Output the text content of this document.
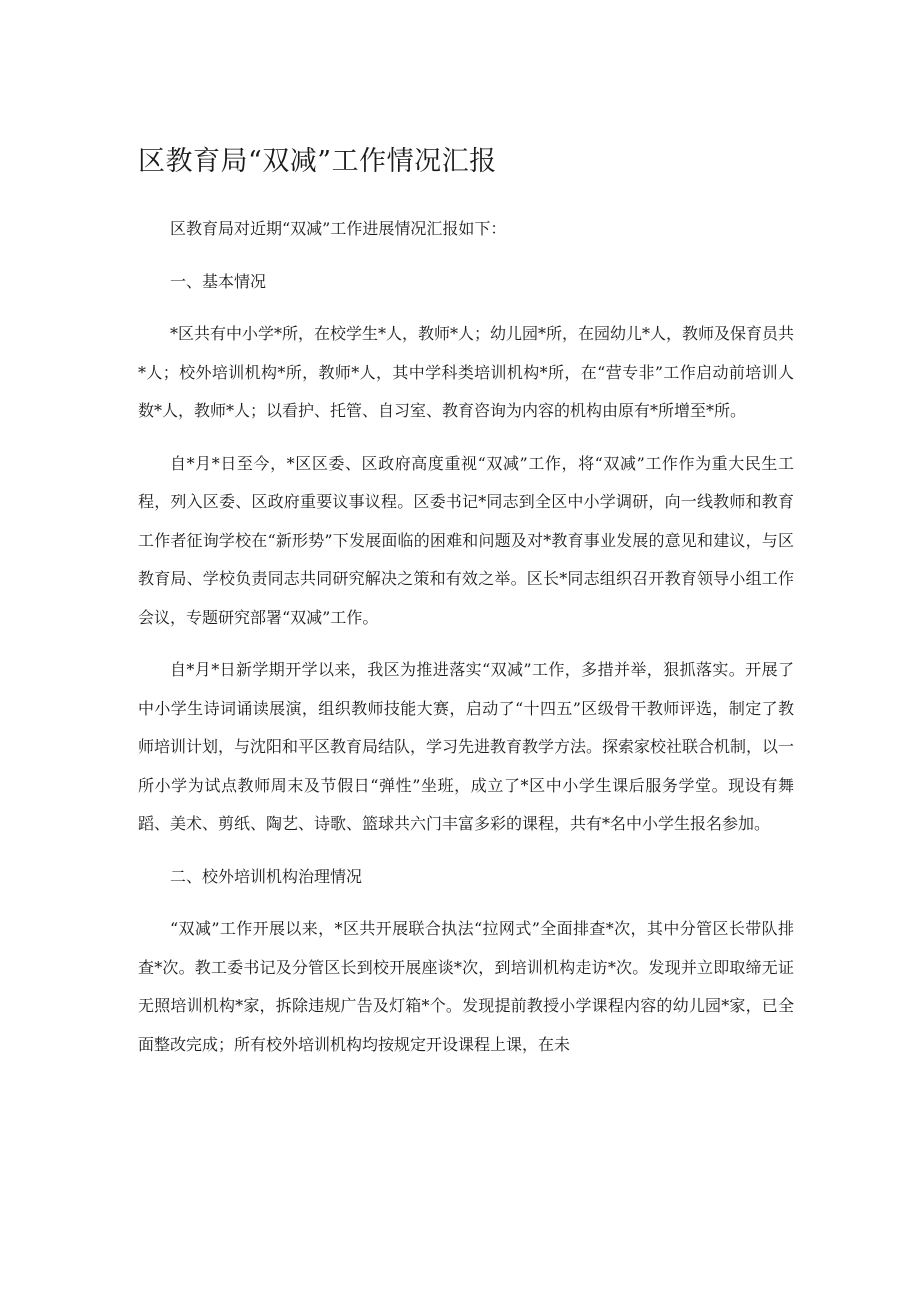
区教育局“双减”工作情况汇报

区教育局对近期“双减”工作进展情况汇报如下：

一、基本情况

*区共有中小学*所，在校学生*人，教师*人；幼儿园*所，在园幼儿*人，教师及保育员共*人；校外培训机构*所，教师*人，其中学科类培训机构*所，在“营专非”工作启动前培训人数*人，教师*人；以看护、托管、自习室、教育咨询为内容的机构由原有*所增至*所。

自*月*日至今，*区区委、区政府高度重视“双减”工作，将“双减”工作作为重大民生工程，列入区委、区政府重要议事议程。区委书记*同志到全区中小学调研，向一线教师和教育工作者征询学校在“新形势”下发展面临的困难和问题及对*教育事业发展的意见和建议，与区教育局、学校负责同志共同研究解决之策和有效之举。区长*同志组织召开教育领导小组工作会议，专题研究部署“双减”工作。

自*月*日新学期开学以来，我区为推进落实“双减”工作，多措并举，狠抓落实。开展了中小学生诗词诵读展演，组织教师技能大赛，启动了“十四五”区级骨干教师评选，制定了教师培训计划，与沈阳和平区教育局结队，学习先进教育教学方法。探索家校社联合机制，以一所小学为试点教师周末及节假日“弹性”坐班，成立了*区中小学生课后服务学堂。现设有舞蹈、美术、剪纸、陶艺、诗歌、篮球共六门丰富多彩的课程，共有*名中小学生报名参加。

二、校外培训机构治理情况

“双减”工作开展以来，*区共开展联合执法“拉网式”全面排查*次，其中分管区长带队排查*次。教工委书记及分管区长到校开展座谈*次，到培训机构走访*次。发现并立即取缔无证无照培训机构*家，拆除违规广告及灯箱*个。发现提前教授小学课程内容的幼儿园*家，已全面整改完成；所有校外培训机构均按规定开设课程上课，在未
